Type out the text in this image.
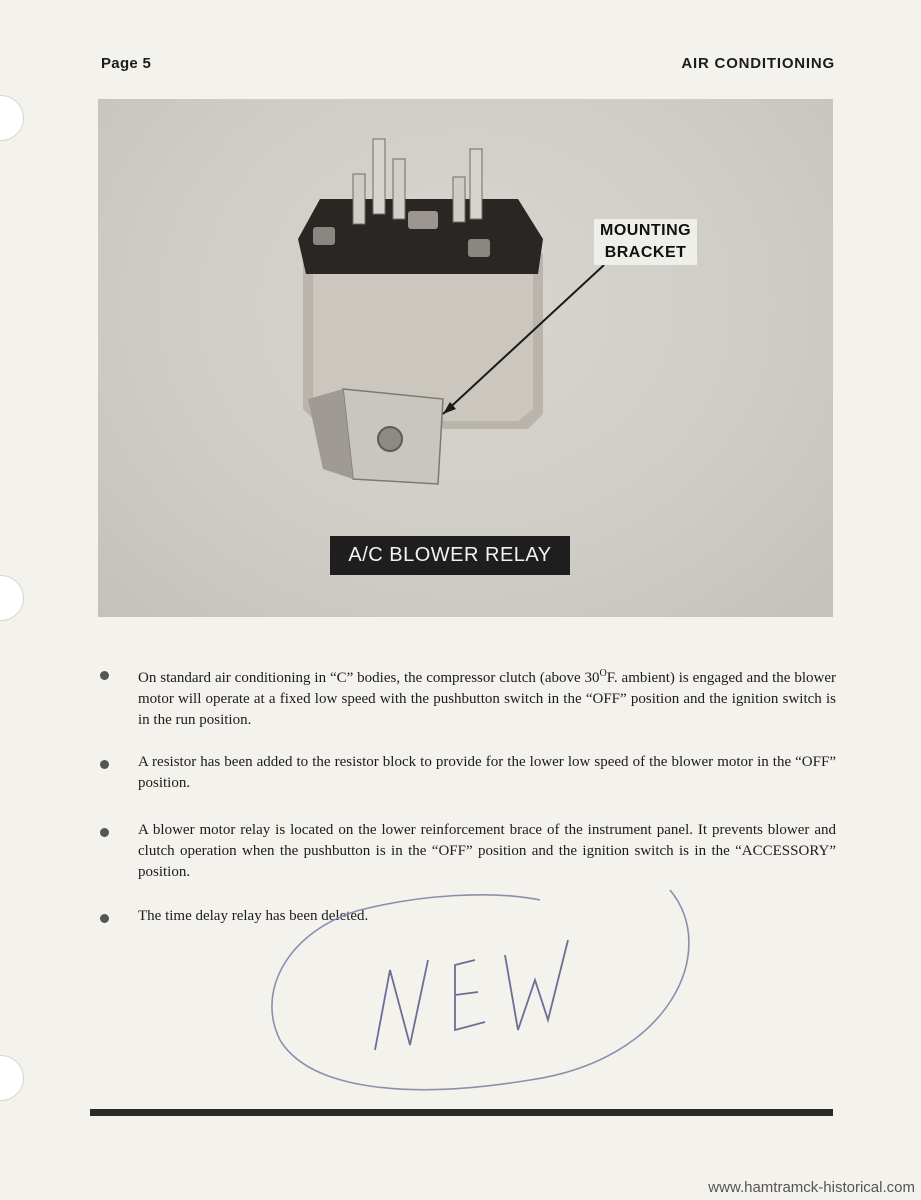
Page 5	AIR CONDITIONING
MOUNTING
BRACKET
A/C BLOWER RELAY
On standard air conditioning in “C” bodies, the compressor clutch (above $30^OF$. ambient) is engaged and the blower motor will operate at a fixed low speed with the pushbutton switch in the “OFF” position and the ignition switch is in the run position.
A resistor has been added to the resistor block to provide for the lower low speed of the blower motor in the “OFF” position.
A blower motor relay is located on the lower reinforcement brace of the instrument panel. It prevents blower and clutch operation when the pushbutton is in the “OFF” position and the ignition switch is in the “ACCESSORY” position.
The time delay relay has been deleted.
www.hamtramck-historical.com
